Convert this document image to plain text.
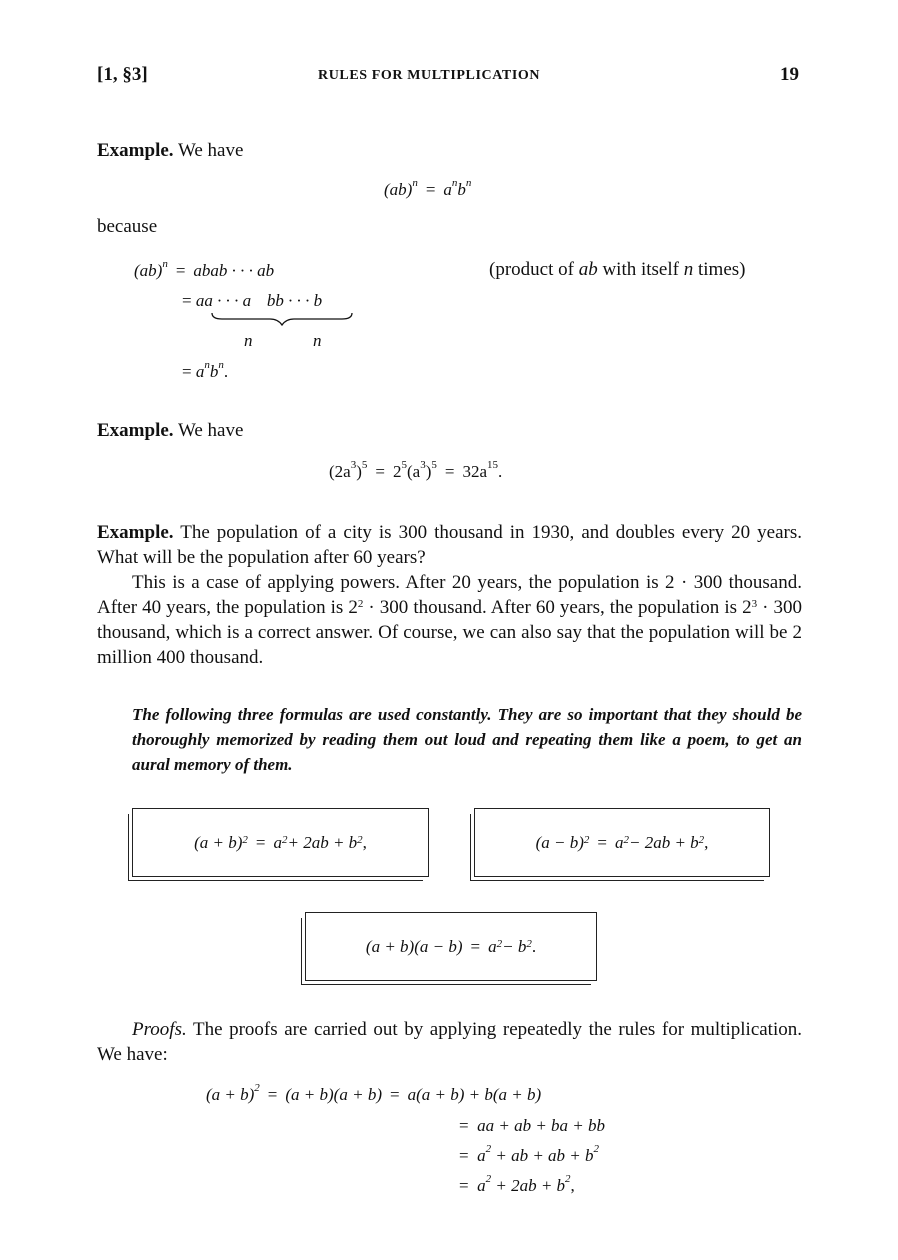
[1, §3]	RULES FOR MULTIPLICATION	19
Example. We have
$(ab)^n = a^nb^n$
because
(ab)$^n$ = abab · · · ab	(product of ab with itself n times)
= aa · · · a bb · · · b
n	n
= $a^nb^n$.
Example. We have
$(2a^3)^5 = 2^5(a^3)^5 = 32a^{15}$.
Example. The population of a city is 300 thousand in 1930, and doubles every 20 years. What will be the population after 60 years?
This is a case of applying powers. After 20 years, the population is 2 · 300 thousand. After 40 years, the population is $2^2 \cdot 300$ thousand. After 60 years, the population is $2^3 \cdot 300$ thousand, which is a correct answer. Of course, we can also say that the population will be 2 million 400 thousand.
The following three formulas are used constantly. They are so important that they should be thoroughly memorized by reading them out loud and repeating them like a poem, to get an aural memory of them.
$(a + b)^2 = a^2 + 2ab + b^2$ ,	$(a - b)^2 = a^2 - 2ab + b^2$ ,
$(a + b)(a - b) = a^2 - b^2$ .
Proofs. The proofs are carried out by applying repeatedly the rules for multiplication. We have:
$(a + b)^2 = (a + b)(a + b) = a(a + b) + b(a + b)$
=  aa + ab + ba + bb
=  $a^2$ + ab + ab + $b^2$
=  $a^2 + 2ab + b^2$,
